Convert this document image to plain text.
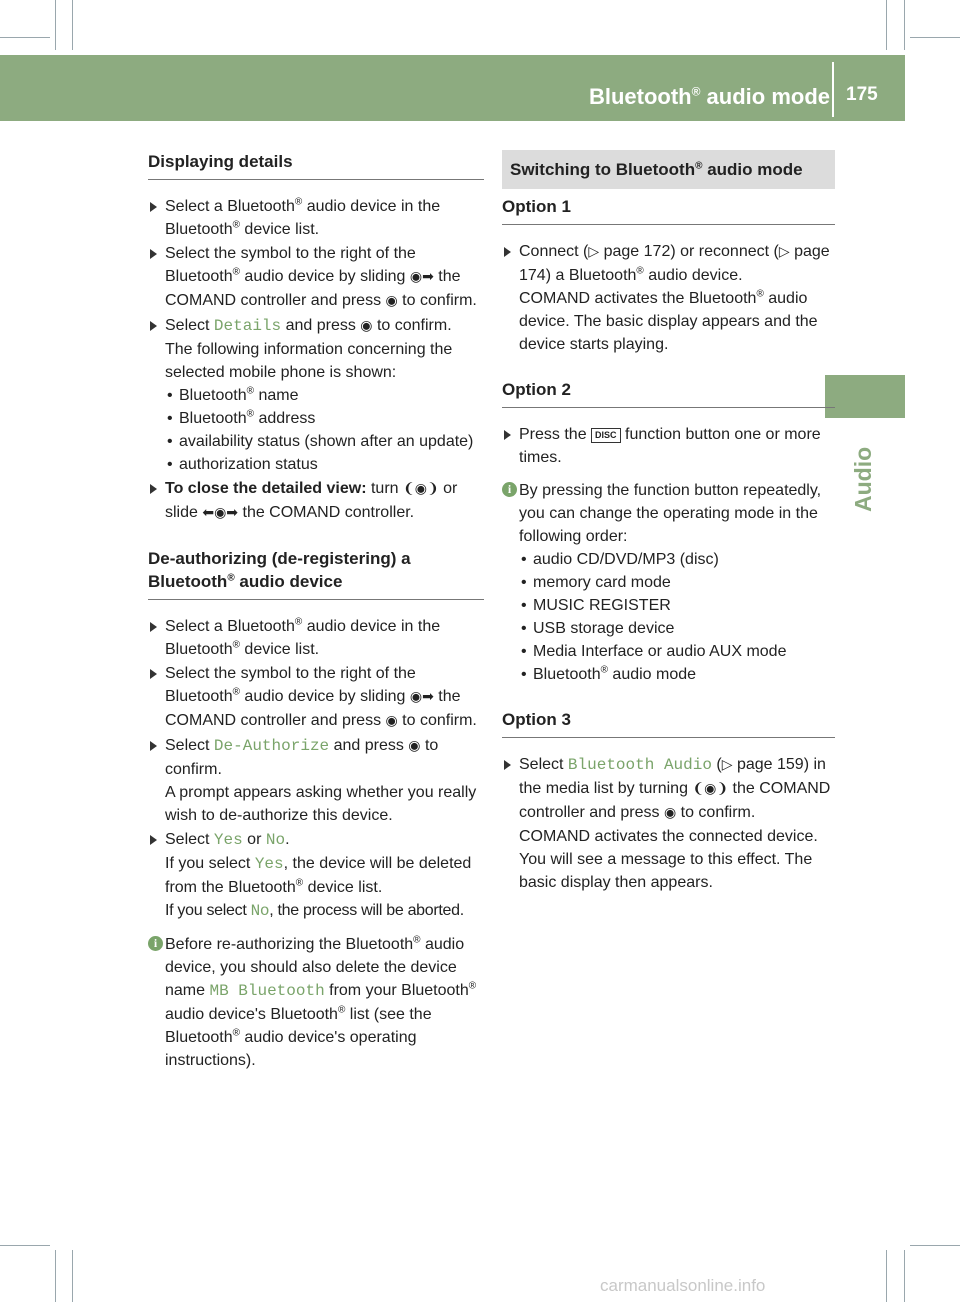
Bluetooth® audio mode 175
Audio
Displaying details
Select a Bluetooth® audio device in the Bluetooth® device list.
Select the symbol to the right of the Bluetooth® audio device by sliding ◉➡ the COMAND controller and press ◉ to confirm.
Select Details and press ◉ to confirm.
The following information concerning the selected mobile phone is shown:
• Bluetooth® name
• Bluetooth® address
• availability status (shown after an update)
• authorization status
To close the detailed view: turn ❨◉❩ or slide ⬅◉➡ the COMAND controller.
De-authorizing (de-registering) a
Bluetooth® audio device
Select a Bluetooth® audio device in the Bluetooth® device list.
Select the symbol to the right of the Bluetooth® audio device by sliding ◉➡ the COMAND controller and press ◉ to confirm.
Select De-Authorize and press ◉ to confirm.
A prompt appears asking whether you really wish to de-authorize this device.
Select Yes or No.
If you select Yes, the device will be deleted from the Bluetooth® device list.
If you select No, the process will be aborted.
i Before re-authorizing the Bluetooth® audio device, you should also delete the device name MB Bluetooth from your Bluetooth® audio device's Bluetooth® list (see the Bluetooth® audio device's operating instructions).
Switching to Bluetooth® audio mode
Option 1
Connect (▷ page 172) or reconnect (▷ page 174) a Bluetooth® audio device.
COMAND activates the Bluetooth® audio device. The basic display appears and the device starts playing.
Option 2
Press the DISC function button one or more times.
i By pressing the function button repeatedly, you can change the operating mode in the following order:
• audio CD/DVD/MP3 (disc)
• memory card mode
• MUSIC REGISTER
• USB storage device
• Media Interface or audio AUX mode
• Bluetooth® audio mode
Option 3
Select Bluetooth Audio (▷ page 159) in the media list by turning ❨◉❩ the COMAND controller and press ◉ to confirm.
COMAND activates the connected device. You will see a message to this effect. The basic display then appears.
carmanualsonline.info
